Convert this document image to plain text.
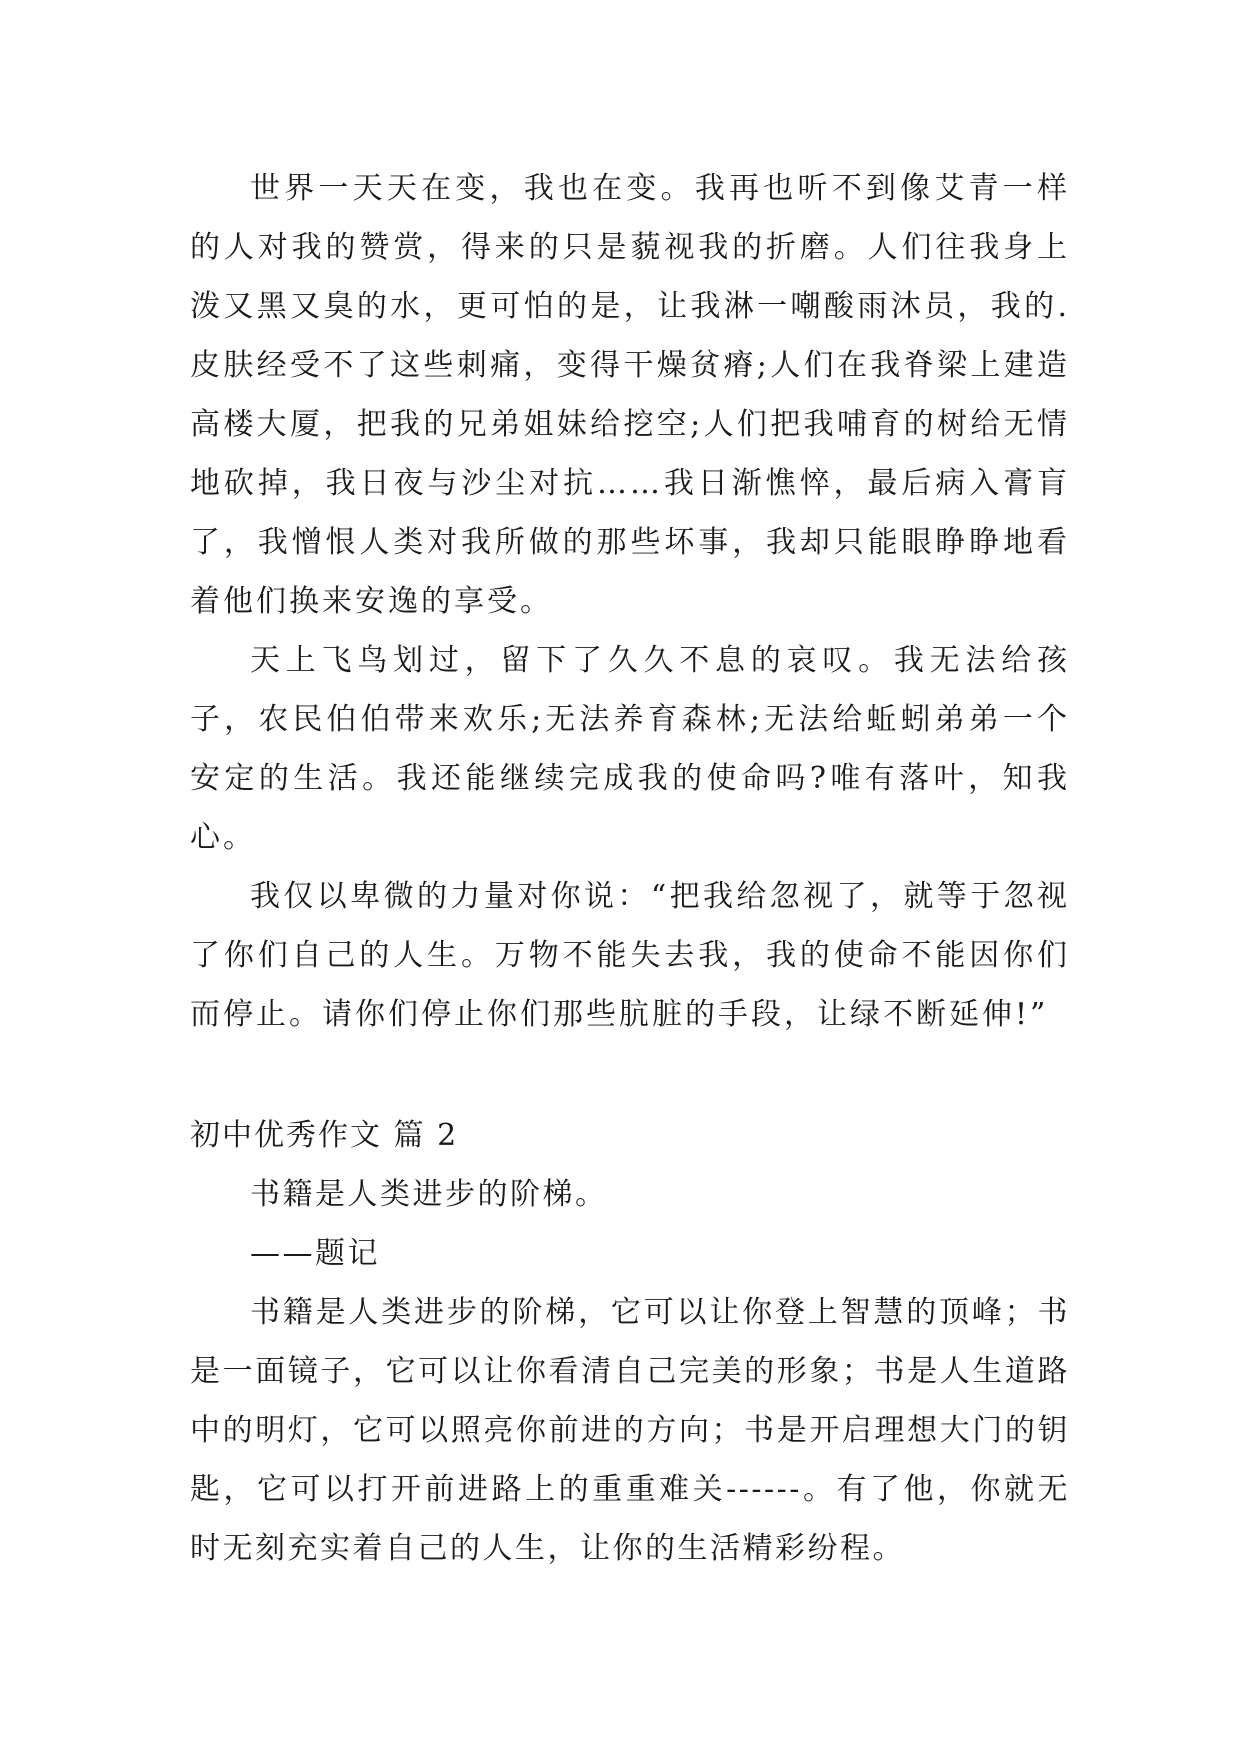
世界一天天在变，我也在变。我再也听不到像艾青一样的人对我的赞赏，得来的只是藐视我的折磨。人们往我身上泼又黑又臭的水，更可怕的是，让我淋一嘲酸雨沐员，我的.皮肤经受不了这些刺痛，变得干燥贫瘠;人们在我脊梁上建造高楼大厦，把我的兄弟姐妹给挖空;人们把我哺育的树给无情地砍掉，我日夜与沙尘对抗……我日渐憔悴，最后病入膏肓了，我憎恨人类对我所做的那些坏事，我却只能眼睁睁地看着他们换来安逸的享受。

天上飞鸟划过，留下了久久不息的哀叹。我无法给孩子，农民伯伯带来欢乐;无法养育森林;无法给蚯蚓弟弟一个安定的生活。我还能继续完成我的使命吗?唯有落叶，知我心。

我仅以卑微的力量对你说：“把我给忽视了，就等于忽视了你们自己的人生。万物不能失去我，我的使命不能因你们而停止。请你们停止你们那些肮脏的手段，让绿不断延伸!”

初中优秀作文 篇 2

书籍是人类进步的阶梯。

——题记

书籍是人类进步的阶梯，它可以让你登上智慧的顶峰；书是一面镜子，它可以让你看清自己完美的形象；书是人生道路中的明灯，它可以照亮你前进的方向；书是开启理想大门的钥匙，它可以打开前进路上的重重难关------。有了他，你就无时无刻充实着自己的人生，让你的生活精彩纷程。
